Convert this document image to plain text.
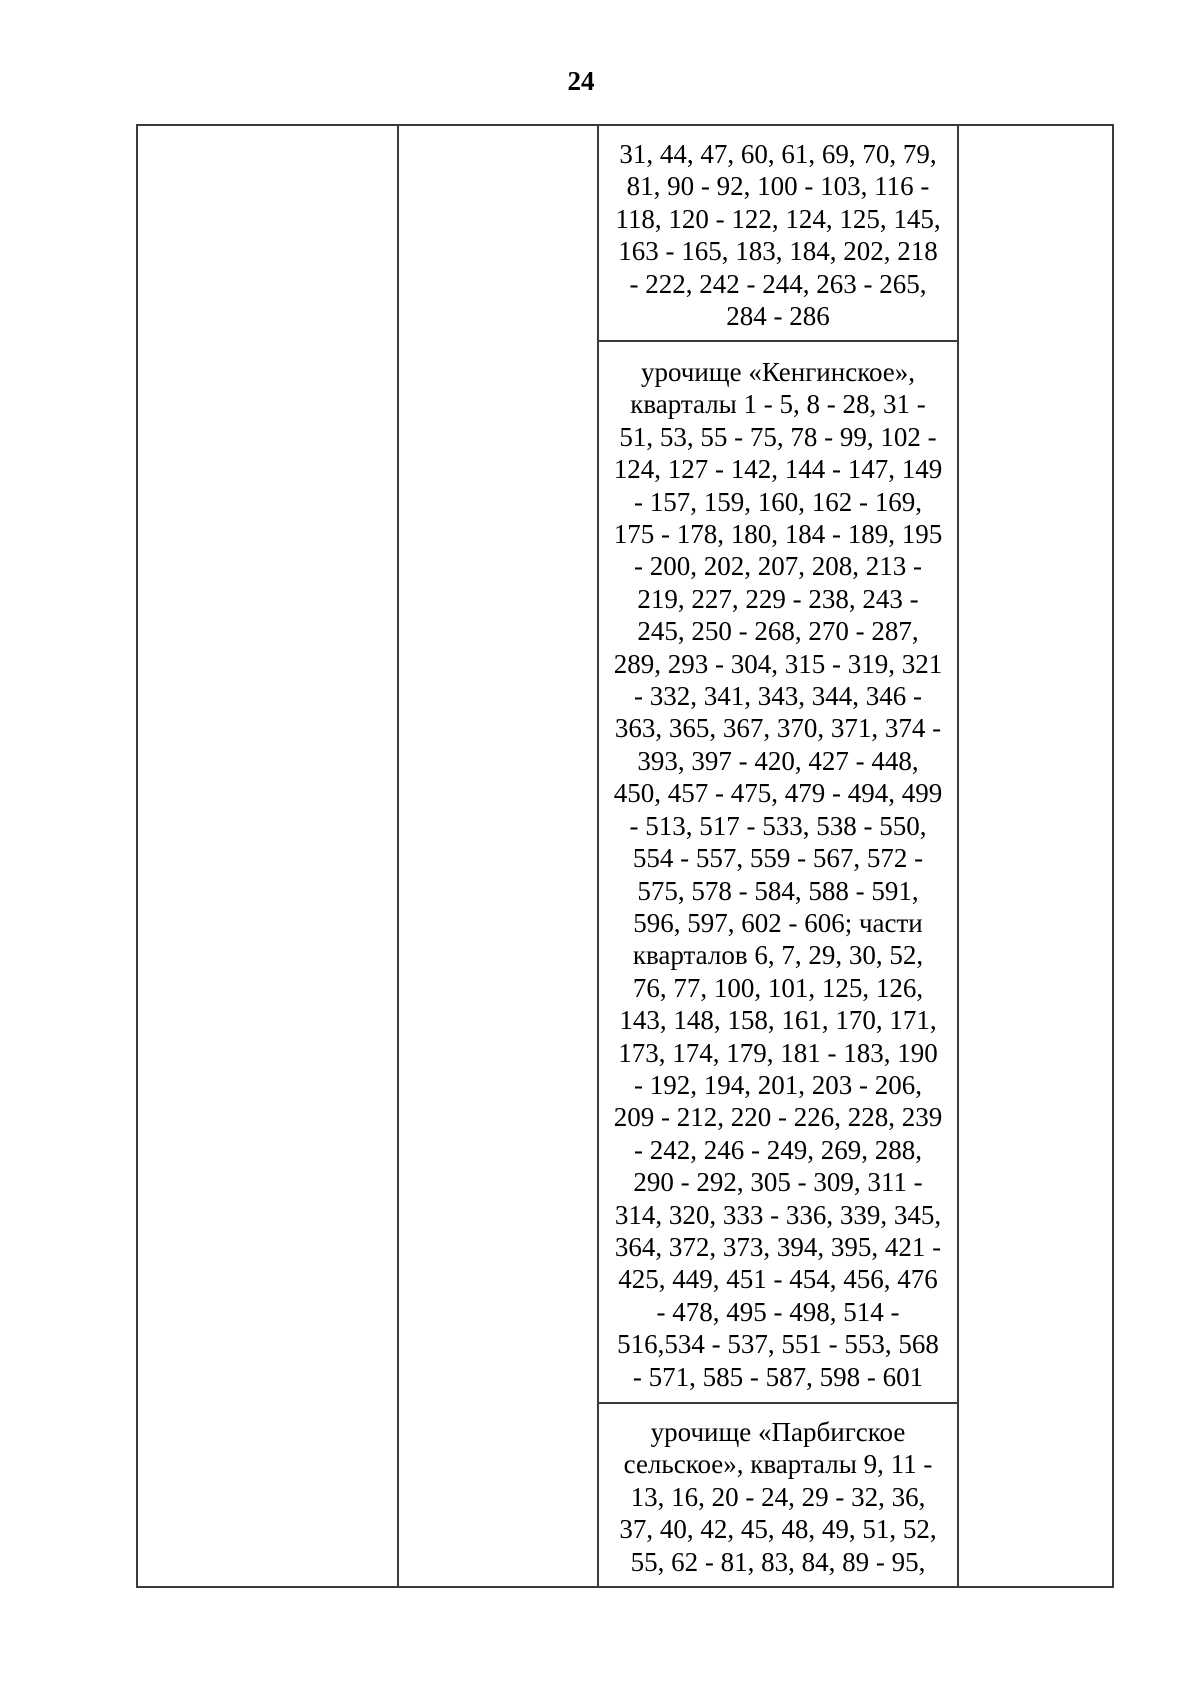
24
31, 44, 47, 60, 61, 69, 70, 79,
81, 90 - 92, 100 - 103, 116 -
118, 120 - 122, 124, 125, 145,
163 - 165, 183, 184, 202, 218
- 222, 242 - 244, 263 - 265,
284 - 286
урочище «Кенгинское»,
кварталы 1 - 5, 8 - 28, 31 -
51, 53, 55 - 75, 78 - 99, 102 -
124, 127 - 142, 144 - 147, 149
- 157, 159, 160, 162 - 169,
175 - 178, 180, 184 - 189, 195
- 200, 202, 207, 208, 213 -
219, 227, 229 - 238, 243 -
245, 250 - 268, 270 - 287,
289, 293 - 304, 315 - 319, 321
- 332, 341, 343, 344, 346 -
363, 365, 367, 370, 371, 374 -
393, 397 - 420, 427 - 448,
450, 457 - 475, 479 - 494, 499
- 513, 517 - 533, 538 - 550,
554 - 557, 559 - 567, 572 -
575, 578 - 584, 588 - 591,
596, 597, 602 - 606; части
кварталов 6, 7, 29, 30, 52,
76, 77, 100, 101, 125, 126,
143, 148, 158, 161, 170, 171,
173, 174, 179, 181 - 183, 190
- 192, 194, 201, 203 - 206,
209 - 212, 220 - 226, 228, 239
- 242, 246 - 249, 269, 288,
290 - 292, 305 - 309, 311 -
314, 320, 333 - 336, 339, 345,
364, 372, 373, 394, 395, 421 -
425, 449, 451 - 454, 456, 476
- 478, 495 - 498, 514 -
516,534 - 537, 551 - 553, 568
- 571, 585 - 587, 598 - 601
урочище «Парбигское
сельское», кварталы 9, 11 -
13, 16, 20 - 24, 29 - 32, 36,
37, 40, 42, 45, 48, 49, 51, 52,
55, 62 - 81, 83, 84, 89 - 95,
